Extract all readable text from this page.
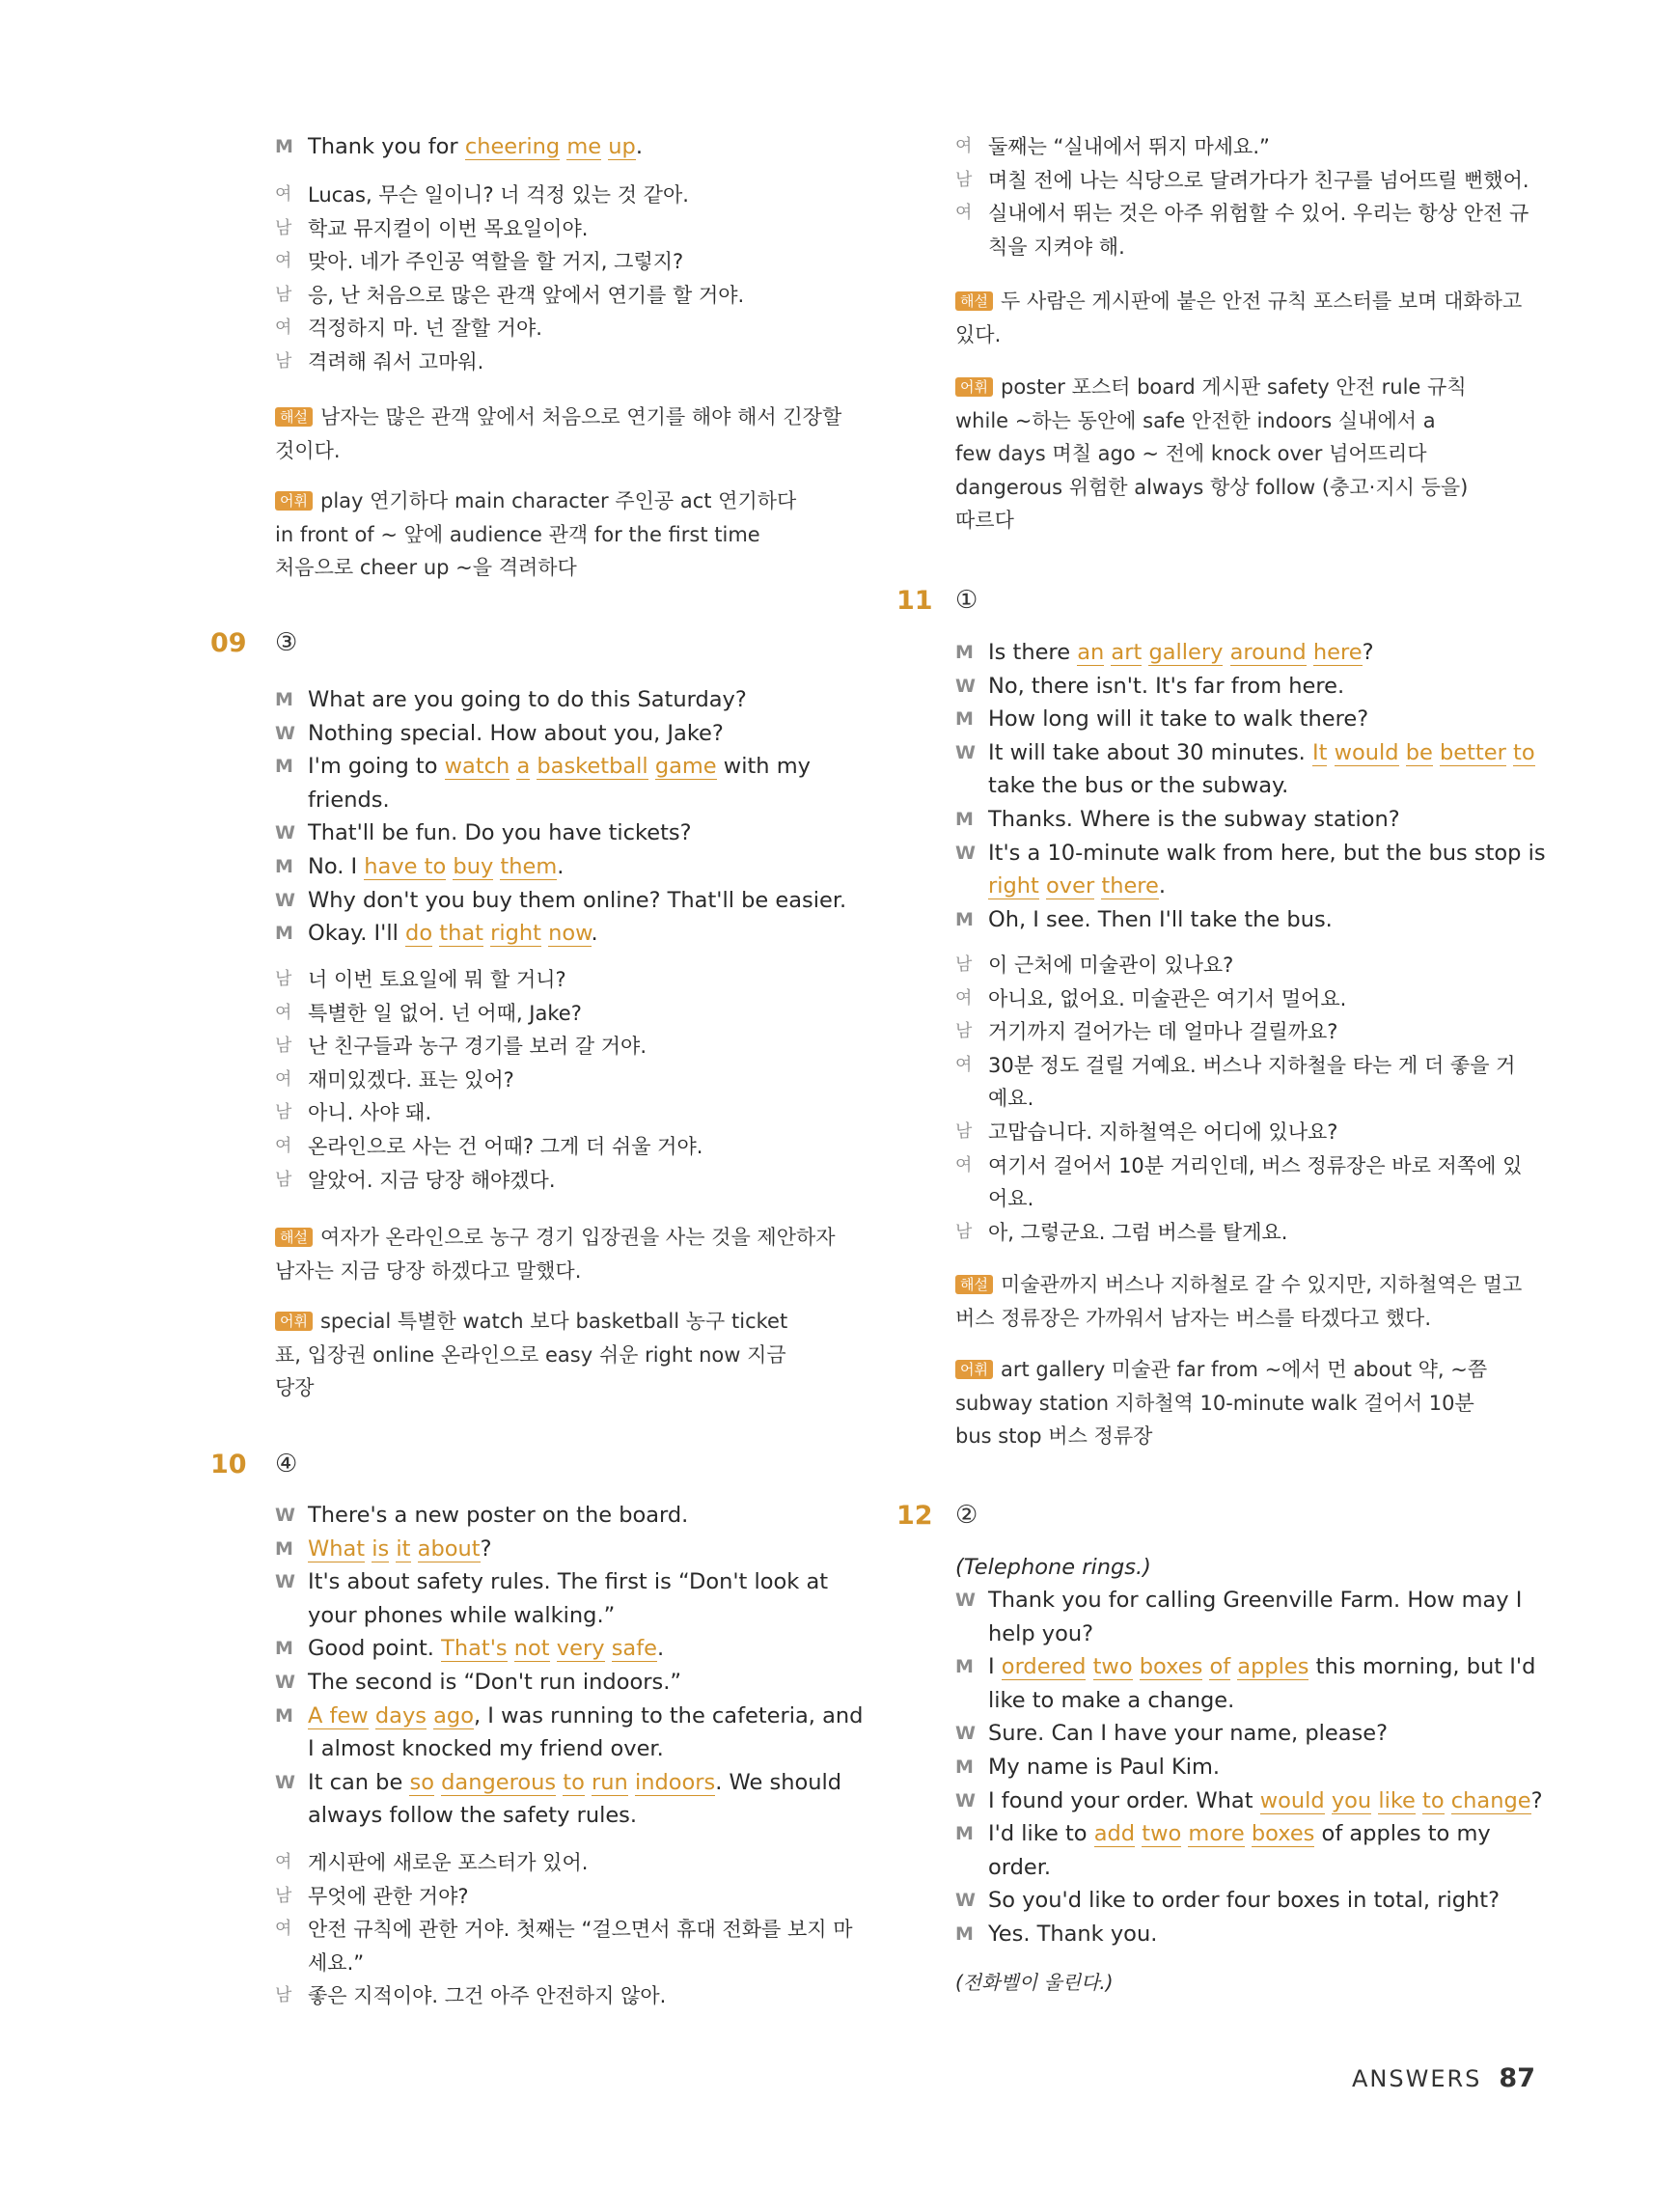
M Thank you for cheering me up.
여 Lucas, 무슨 일이니? 너 걱정 있는 것 같아.
남 학교 뮤지컬이 이번 목요일이야.
여 맞아. 네가 주인공 역할을 할 거지, 그렇지?
남 응, 난 처음으로 많은 관객 앞에서 연기를 할 거야.
여 걱정하지 마. 넌 잘할 거야.
남 격려해 줘서 고마워.
해설 남자는 많은 관객 앞에서 처음으로 연기를 해야 해서 긴장할
것이다.
어휘 play 연기하다 main character 주인공 act 연기하다
in front of ~ 앞에 audience 관객 for the first time
처음으로 cheer up ~을 격려하다
09 ③
M What are you going to do this Saturday?
W Nothing special. How about you, Jake?
M I'm going to watch a basketball game with my
friends.
W That'll be fun. Do you have tickets?
M No. I have to buy them.
W Why don't you buy them online? That'll be easier.
M Okay. I'll do that right now.
남 너 이번 토요일에 뭐 할 거니?
여 특별한 일 없어. 넌 어때, Jake?
남 난 친구들과 농구 경기를 보러 갈 거야.
여 재미있겠다. 표는 있어?
남 아니. 사야 돼.
여 온라인으로 사는 건 어때? 그게 더 쉬울 거야.
남 알았어. 지금 당장 해야겠다.
해설 여자가 온라인으로 농구 경기 입장권을 사는 것을 제안하자
남자는 지금 당장 하겠다고 말했다.
어휘 special 특별한 watch 보다 basketball 농구 ticket
표, 입장권 online 온라인으로 easy 쉬운 right now 지금
당장
10 ④
W There's a new poster on the board.
M What is it about?
W It's about safety rules. The first is “Don't look at
your phones while walking.”
M Good point. That's not very safe.
W The second is “Don't run indoors.”
M A few days ago, I was running to the cafeteria, and
I almost knocked my friend over.
W It can be so dangerous to run indoors. We should
always follow the safety rules.
여 게시판에 새로운 포스터가 있어.
남 무엇에 관한 거야?
여 안전 규칙에 관한 거야. 첫째는 “걸으면서 휴대 전화를 보지 마
세요.”
남 좋은 지적이야. 그건 아주 안전하지 않아.
여 둘째는 “실내에서 뛰지 마세요.”
남 며칠 전에 나는 식당으로 달려가다가 친구를 넘어뜨릴 뻔했어.
여 실내에서 뛰는 것은 아주 위험할 수 있어. 우리는 항상 안전 규
칙을 지켜야 해.
해설 두 사람은 게시판에 붙은 안전 규칙 포스터를 보며 대화하고
있다.
어휘 poster 포스터 board 게시판 safety 안전 rule 규칙
while ~하는 동안에 safe 안전한 indoors 실내에서 a
few days 며칠 ago ~ 전에 knock over 넘어뜨리다
dangerous 위험한 always 항상 follow (충고·지시 등을)
따르다
11 ①
M Is there an art gallery around here?
W No, there isn't. It's far from here.
M How long will it take to walk there?
W It will take about 30 minutes. It would be better to
take the bus or the subway.
M Thanks. Where is the subway station?
W It's a 10-minute walk from here, but the bus stop is
right over there.
M Oh, I see. Then I'll take the bus.
남 이 근처에 미술관이 있나요?
여 아니요, 없어요. 미술관은 여기서 멀어요.
남 거기까지 걸어가는 데 얼마나 걸릴까요?
여 30분 정도 걸릴 거예요. 버스나 지하철을 타는 게 더 좋을 거
예요.
남 고맙습니다. 지하철역은 어디에 있나요?
여 여기서 걸어서 10분 거리인데, 버스 정류장은 바로 저쪽에 있
어요.
남 아, 그렇군요. 그럼 버스를 탈게요.
해설 미술관까지 버스나 지하철로 갈 수 있지만, 지하철역은 멀고
버스 정류장은 가까워서 남자는 버스를 타겠다고 했다.
어휘 art gallery 미술관 far from ~에서 먼 about 약, ~쯤
subway station 지하철역 10-minute walk 걸어서 10분
bus stop 버스 정류장
12 ②
(Telephone rings.)
W Thank you for calling Greenville Farm. How may I
help you?
M I ordered two boxes of apples this morning, but I'd
like to make a change.
W Sure. Can I have your name, please?
M My name is Paul Kim.
W I found your order. What would you like to change?
M I'd like to add two more boxes of apples to my
order.
W So you'd like to order four boxes in total, right?
M Yes. Thank you.
(전화벨이 울린다.)
ANSWERS 87
